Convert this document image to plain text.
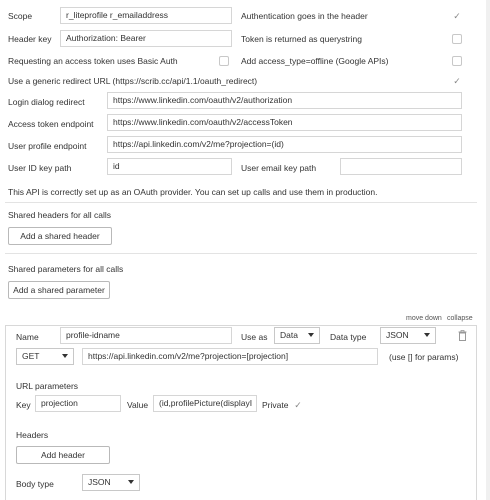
Scope	r_liteprofile r_emailaddress	Authentication goes in the header	✓
Header key	Authorization: Bearer	Token is returned as querystring
Requesting an access token uses Basic Auth	Add access_type=offline (Google APIs)
Use a generic redirect URL (https://scrib.cc/api/1.1/oauth_redirect)	✓
Login dialog redirect	https://www.linkedin.com/oauth/v2/authorization
Access token endpoint	https://www.linkedin.com/oauth/v2/accessToken
User profile endpoint	https://api.linkedin.com/v2/me?projection=(id)
User ID key path	id	User email key path
This API is correctly set up as an OAuth provider. You can set up calls and use them in production.
Shared headers for all calls
Add a shared header
Shared parameters for all calls
Add a shared parameter
move down collapse
Name	profile-idname	Use as	Data	Data type	JSON
GET	https://api.linkedin.com/v2/me?projection=[projection]	(use [] for params)
URL parameters
Key	projection	Value	(id,profilePicture(displayI	Private ✓
Headers
Add header
Body type	JSON
